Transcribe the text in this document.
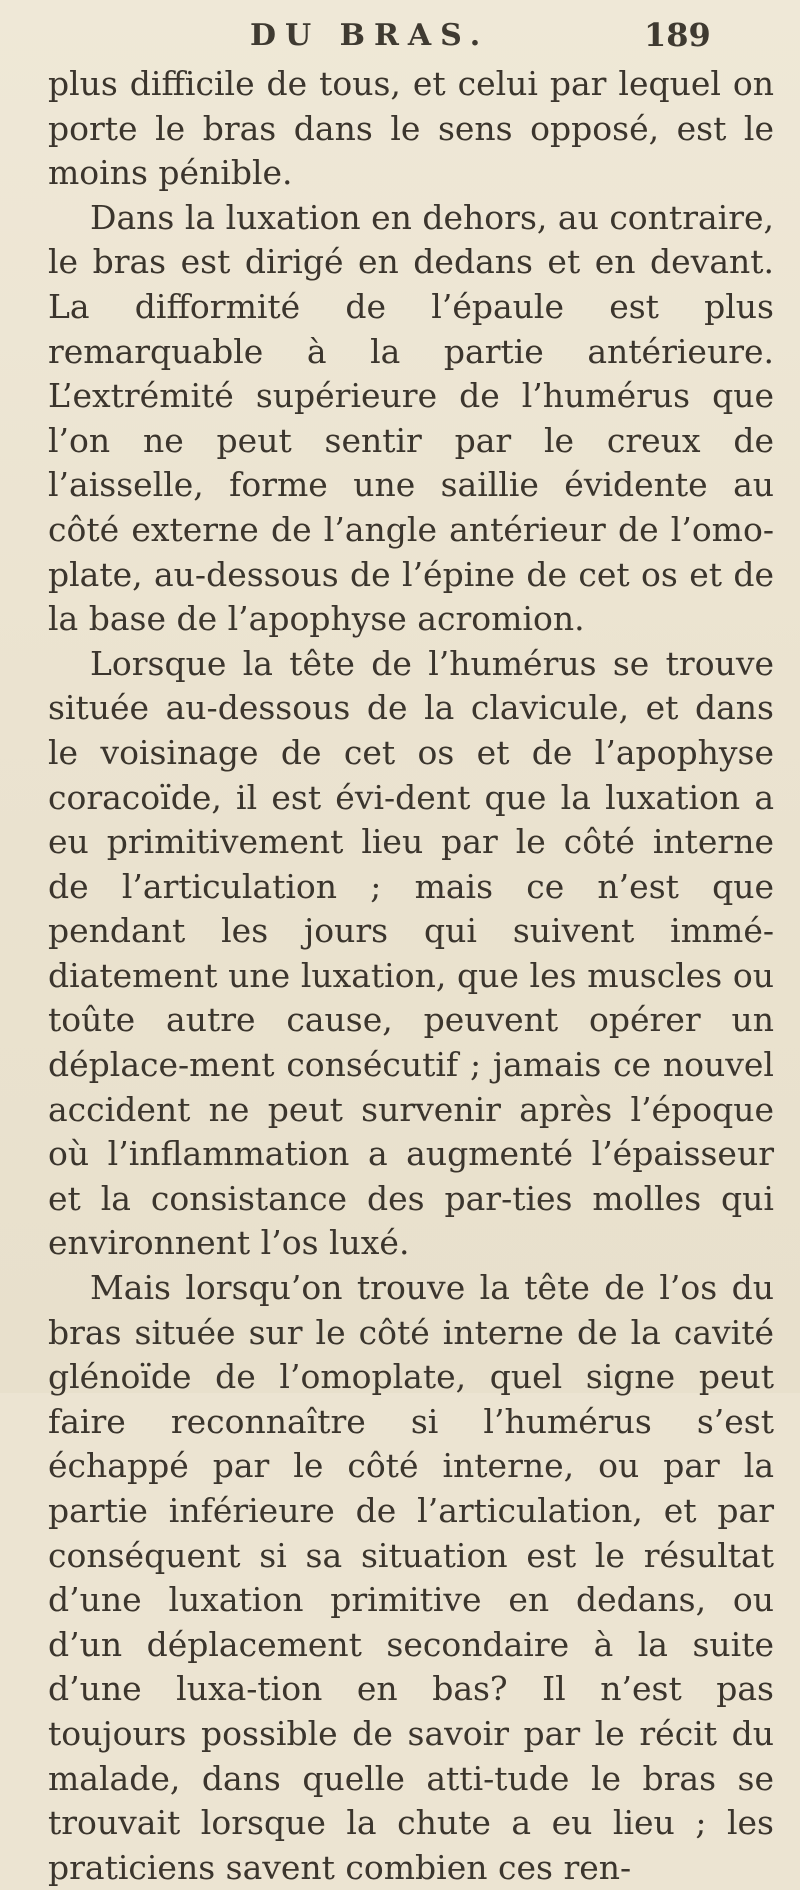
DU BRAS.	189

plus difficile de tous, et celui par lequel on porte le bras dans le sens opposé, est le moins pénible.

Dans la luxation en dehors, au contraire, le bras est dirigé en dedans et en devant. La difformité de l’épaule est plus remarquable à la partie antérieure. L’extrémité supérieure de l’humérus que l’on ne peut sentir par le creux de l’aisselle, forme une saillie évidente au côté externe de l’angle antérieur de l’omo-plate, au-dessous de l’épine de cet os et de la base de l’apophyse acromion.

Lorsque la tête de l’humérus se trouve située au-dessous de la clavicule, et dans le voisinage de cet os et de l’apophyse coracoïde, il est évi-dent que la luxation a eu primitivement lieu par le côté interne de l’articulation ; mais ce n’est que pendant les jours qui suivent immé-diatement une luxation, que les muscles ou toûte autre cause, peuvent opérer un déplace-ment consécutif ; jamais ce nouvel accident ne peut survenir après l’époque où l’inflammation a augmenté l’épaisseur et la consistance des par-ties molles qui environnent l’os luxé.

Mais lorsqu’on trouve la tête de l’os du bras située sur le côté interne de la cavité glénoïde de l’omoplate, quel signe peut faire reconnaître si l’humérus s’est échappé par le côté interne, ou par la partie inférieure de l’articulation, et par conséquent si sa situation est le résultat d’une luxation primitive en dedans, ou d’un déplacement secondaire à la suite d’une luxa-tion en bas? Il n’est pas toujours possible de savoir par le récit du malade, dans quelle atti-tude le bras se trouvait lorsque la chute a eu lieu ; les praticiens savent combien ces ren-
